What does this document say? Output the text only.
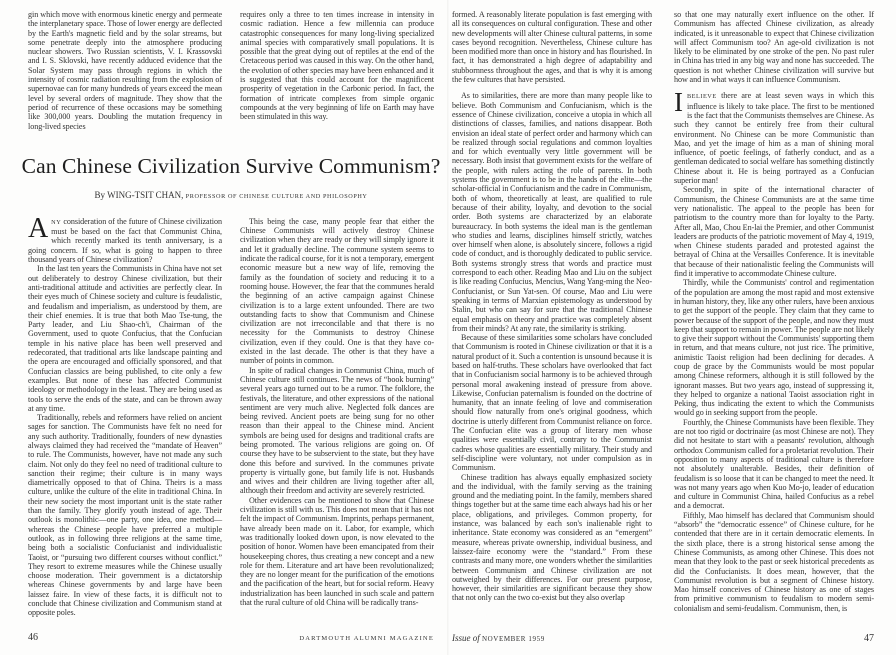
gin which move with enormous kinetic energy and permeate the interplanetary space. Those of lower energy are deflected by the Earth's magnetic field and by the solar streams, but some penetrate deeply into the atmosphere producing nuclear showers. Two Russian scientists, V. I. Krassovski and I. S. Sklovski, have recently adduced evidence that the Solar System may pass through regions in which the intensity of cosmic radiation resulting from the explosion of supernovae can for many hundreds of years exceed the mean level by several orders of magnitude. They show that the period of recurrence of these occasions may be something like 300,000 years. Doubling the mutation frequency in long-lived species

requires only a three to ten times increase in intensity in cosmic radiation. Hence a few millennia can produce catastrophic consequences for many long-living specialized animal species with comparatively small populations. It is possible that the great dying out of reptiles at the end of the Cretaceous period was caused in this way. On the other hand, the evolution of other species may have been enhanced and it is suggested that this could account for the magnificent prosperity of vegetation in the Carbonic period. In fact, the formation of intricate complexes from simple organic compounds at the very beginning of life on Earth may have been stimulated in this way.

Can Chinese Civilization Survive Communism?
By WING-TSIT CHAN, PROFESSOR OF CHINESE CULTURE AND PHILOSOPHY

A NY consideration of the future of Chinese civilization must be based on the fact that Communist China, which recently marked its tenth anniversary, is a going concern. If so, what is going to happen to three thousand years of Chinese civilization?

In the last ten years the Communists in China have not set out deliberately to destroy Chinese civilization, but their anti-traditional attitude and activities are perfectly clear. In their eyes much of Chinese society and culture is feudalistic, and feudalism and imperialism, as understood by them, are their chief enemies. It is true that both Mao Tse-tung, the Party leader, and Liu Shao-ch'i, Chairman of the Government, used to quote Confucius, that the Confucian temple in his native place has been well preserved and redecorated, that traditional arts like landscape painting and the opera are encouraged and officially sponsored, and that Confucian classics are being published, to cite only a few examples. But none of these has affected Communist ideology or methodology in the least. They are being used as tools to serve the ends of the state, and can be thrown away at any time.

Traditionally, rebels and reformers have relied on ancient sages for sanction. The Communists have felt no need for any such authority. Traditionally, founders of new dynasties always claimed they had received the “mandate of Heaven” to rule. The Communists, however, have not made any such claim. Not only do they feel no need of traditional culture to sanction their regime; their culture is in many ways diametrically opposed to that of China. Theirs is a mass culture, unlike the culture of the elite in traditional China. In their new society the most important unit is the state rather than the family. They glorify youth instead of age. Their outlook is monolithic—one party, one idea, one method—whereas the Chinese people have preferred a multiple outlook, as in following three religions at the same time, being both a socialistic Confucianist and individualistic Taoist, or “pursuing two different courses without conflict.” They resort to extreme measures while the Chinese usually choose moderation. Their government is a dictatorship whereas Chinese governments by and large have been laissez faire. In view of these facts, it is difficult not to conclude that Chinese civilization and Communism stand at opposite poles.

This being the case, many people fear that either the Chinese Communists will actively destroy Chinese civilization when they are ready or they will simply ignore it and let it gradually decline. The commune system seems to indicate the radical course, for it is not a temporary, emergent economic measure but a new way of life, removing the family as the foundation of society and reducing it to a rooming house. However, the fear that the communes herald the beginning of an active campaign against Chinese civilization is to a large extent unfounded. There are two outstanding facts to show that Communism and Chinese civilization are not irreconcilable and that there is no necessity for the Communists to destroy Chinese civilization, even if they could. One is that they have co-existed in the last decade. The other is that they have a number of points in common.

In spite of radical changes in Communist China, much of Chinese culture still continues. The news of “book burning” several years ago turned out to be a rumor. The folklore, the festivals, the literature, and other expressions of the national sentiment are very much alive. Neglected folk dances are being revived. Ancient poets are being sung for no other reason than their appeal to the Chinese mind. Ancient symbols are being used for designs and traditional crafts are being promoted. The various religions are going on. Of course they have to be subservient to the state, but they have done this before and survived. In the communes private property is virtually gone, but family life is not. Husbands and wives and their children are living together after all, although their freedom and activity are severely restricted.

Other evidences can be mentioned to show that Chinese civilization is still with us. This does not mean that it has not felt the impact of Communism. Imprints, perhaps permanent, have already been made on it. Labor, for example, which was traditionally looked down upon, is now elevated to the position of honor. Women have been emancipated from their housekeeping chores, thus creating a new concept and a new role for them. Literature and art have been revolutionalized; they are no longer meant for the purification of the emotions and the pacification of the heart, but for social reform. Heavy industrialization has been launched in such scale and pattern that the rural culture of old China will be radically trans-

46	DARTMOUTH ALUMNI MAGAZINE

formed. A reasonably literate population is fast emerging with all its consequences on cultural configuration. These and other new developments will alter Chinese cultural patterns, in some cases beyond recognition. Nevertheless, Chinese culture has been modified more than once in history and has flourished. In fact, it has demonstrated a high degree of adaptability and stubbornness throughout the ages, and that is why it is among the few cultures that have persisted.

As to similarities, there are more than many people like to believe. Both Communism and Confucianism, which is the essence of Chinese civilization, conceive a utopia in which all distinctions of classes, families, and nations disappear. Both envision an ideal state of perfect order and harmony which can be realized through social regulations and common loyalties and for which eventually very little government will be necessary. Both insist that government exists for the welfare of the people, with rulers acting the role of parents. In both systems the government is to be in the hands of the elite—the scholar-official in Confucianism and the cadre in Communism, both of whom, theoretically at least, are qualified to rule because of their ability, loyalty, and devotion to the social order. Both systems are characterized by an elaborate bureaucracy. In both systems the ideal man is the gentleman who studies and learns, disciplines himself strictly, watches over himself when alone, is absolutely sincere, follows a rigid code of conduct, and is thoroughly dedicated to public service. Both systems strongly stress that words and practice must correspond to each other. Reading Mao and Liu on the subject is like reading Confucius, Mencius, Wang Yang-ming the Neo-Confucianist, or Sun Yat-sen. Of course, Mao and Liu were speaking in terms of Marxian epistemology as understood by Stalin, but who can say for sure that the traditional Chinese equal emphasis on theory and practice was completely absent from their minds? At any rate, the similarity is striking.

Because of these similarities some scholars have concluded that Communism is rooted in Chinese civilization or that it is a natural product of it. Such a contention is unsound because it is based on half-truths. These scholars have overlooked that fact that in Confucianism social harmony is to be achieved through personal moral awakening instead of pressure from above. Likewise, Confucian paternalism is founded on the doctrine of humanity, that an innate feeling of love and commiseration should flow naturally from one's original goodness, which doctrine is utterly different from Communist reliance on force. The Confucian elite was a group of literary men whose qualities were essentially civil, contrary to the Communist cadres whose qualities are essentially military. Their study and self-discipline were voluntary, not under compulsion as in Communism.

Chinese tradition has always equally emphasized society and the individual, with the family serving as the training ground and the mediating point. In the family, members shared things together but at the same time each always had his or her place, obligations, and privileges. Common property, for instance, was balanced by each son's inalienable right to inheritance. State economy was considered as an “emergent” measure, whereas private ownership, individual business, and laissez-faire economy were the “standard.” From these contrasts and many more, one wonders whether the similarities between Communism and Chinese civilization are not outweighed by their differences. For our present purpose, however, their similarities are significant because they show that not only can the two co-exist but they also overlap

so that one may naturally exert influence on the other. If Communism has affected Chinese civilization, as already indicated, is it unreasonable to expect that Chinese civilization will affect Communism too? An age-old civilization is not likely to be eliminated by one stroke of the pen. No past ruler in China has tried in any big way and none has succeeded. The question is not whether Chinese civilization will survive but how and in what ways it can influence Communism.

I BELIEVE there are at least seven ways in which this influence is likely to take place. The first to be mentioned is the fact that the Communists themselves are Chinese. As such they cannot be entirely free from their cultural environment. No Chinese can be more Communistic than Mao, and yet the image of him as a man of shining moral influence, of poetic feelings, of fatherly conduct, and as a gentleman dedicated to social welfare has something distinctly Chinese about it. He is being portrayed as a Confucian superior man!

Secondly, in spite of the international character of Communism, the Chinese Communists are at the same time very nationalistic. The appeal to the people has been for patriotism to the country more than for loyalty to the Party. After all, Mao, Chou En-lai the Premier, and other Communist leaders are products of the patriotic movement of May 4, 1919, when Chinese students paraded and protested against the betrayal of China at the Versailles Conference. It is inevitable that because of their nationalistic feeling the Communists will find it imperative to accommodate Chinese culture.

Thirdly, while the Communists' control and regimentation of the population are among the most rapid and most extensive in human history, they, like any other rulers, have been anxious to get the support of the people. They claim that they came to power because of the support of the people, and now they must keep that support to remain in power. The people are not likely to give their support without the Communists' supporting them in return, and that means culture, not just rice. The primitive, animistic Taoist religion had been declining for decades. A coup de grace by the Communists would be most popular among Chinese reformers, although it is still followed by the ignorant masses. But two years ago, instead of suppressing it, they helped to organize a national Taoist association right in Peking, thus indicating the extent to which the Communists would go in seeking support from the people.

Fourthly, the Chinese Communists have been flexible. They are not too rigid or doctrinaire (as most Chinese are not). They did not hesitate to start with a peasants' revolution, although orthodox Communism called for a proletariat revolution. Their opposition to many aspects of traditional culture is therefore not absolutely unalterable. Besides, their definition of feudalism is so loose that it can be changed to meet the need. It was not many years ago when Kuo Mo-jo, leader of education and culture in Communist China, hailed Confucius as a rebel and a democrat.

Fifthly, Mao himself has declared that Communism should “absorb” the “democratic essence” of Chinese culture, for he contended that there are in it certain democratic elements. In the sixth place, there is a strong historical sense among the Chinese Communists, as among other Chinese. This does not mean that they look to the past or seek historical precedents as did the Confucianists. It does mean, however, that the Communist revolution is but a segment of Chinese history. Mao himself conceives of Chinese history as one of stages from primitive communism to feudalism to modern semi-colonialism and semi-feudalism. Communism, then, is

Issue of NOVEMBER 1959	47
